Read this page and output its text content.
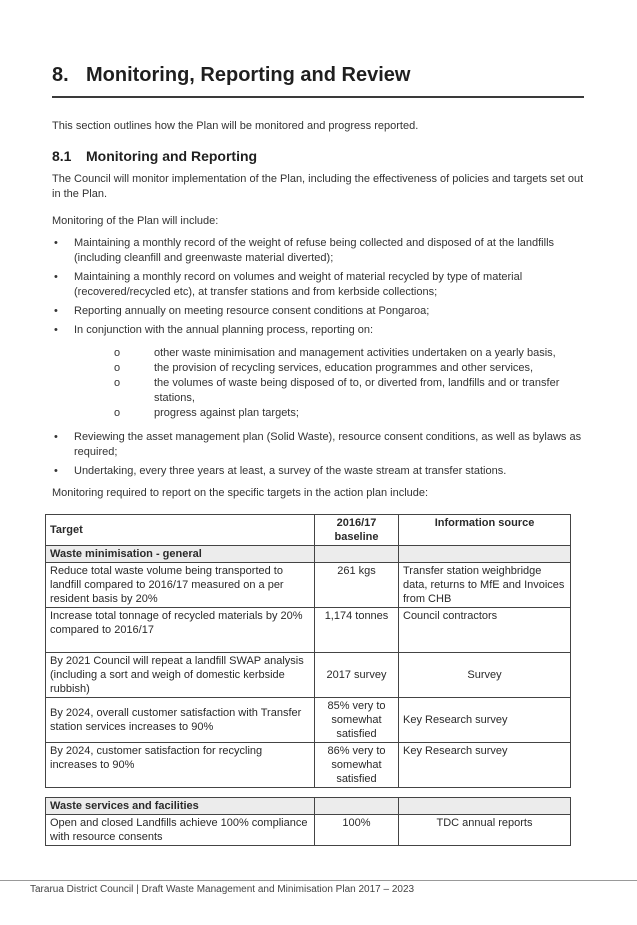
8. Monitoring, Reporting and Review

This section outlines how the Plan will be monitored and progress reported.

8.1 Monitoring and Reporting

The Council will monitor implementation of the Plan, including the effectiveness of policies and targets set out in the Plan.

Monitoring of the Plan will include:

• Maintaining a monthly record of the weight of refuse being collected and disposed of at the landfills (including cleanfill and greenwaste material diverted);
• Maintaining a monthly record on volumes and weight of material recycled by type of material (recovered/recycled etc), at transfer stations and from kerbside collections;
• Reporting annually on meeting resource consent conditions at Pongaroa;
• In conjunction with the annual planning process, reporting on:
o	other waste minimisation and management activities undertaken on a yearly basis,
o	the provision of recycling services, education programmes and other services,
o	the volumes of waste being disposed of to, or diverted from, landfills and or transfer stations,
o	progress against plan targets;
• Reviewing the asset management plan (Solid Waste), resource consent conditions, as well as bylaws as required;
• Undertaking, every three years at least, a survey of the waste stream at transfer stations.

Monitoring required to report on the specific targets in the action plan include:

Target	2016/17 baseline	Information source
Waste minimisation - general		
Reduce total waste volume being transported to landfill compared to 2016/17 measured on a per resident basis by 20%	261 kgs	Transfer station weighbridge data, returns to MfE and Invoices from CHB
Increase total tonnage of recycled materials by 20% compared to 2016/17	1,174 tonnes	Council contractors
By 2021 Council will repeat a landfill SWAP analysis (including a sort and weigh of domestic kerbside rubbish)	2017 survey	Survey
By 2024, overall customer satisfaction with Transfer station services increases to 90%	85% very to somewhat satisfied	Key Research survey
By 2024, customer satisfaction for recycling increases to 90%	86% very to somewhat satisfied	Key Research survey
Waste services and facilities		
Open and closed Landfills achieve 100% compliance with resource consents	100%	TDC annual reports

Tararua District Council | Draft Waste Management and Minimisation Plan 2017 – 2023
